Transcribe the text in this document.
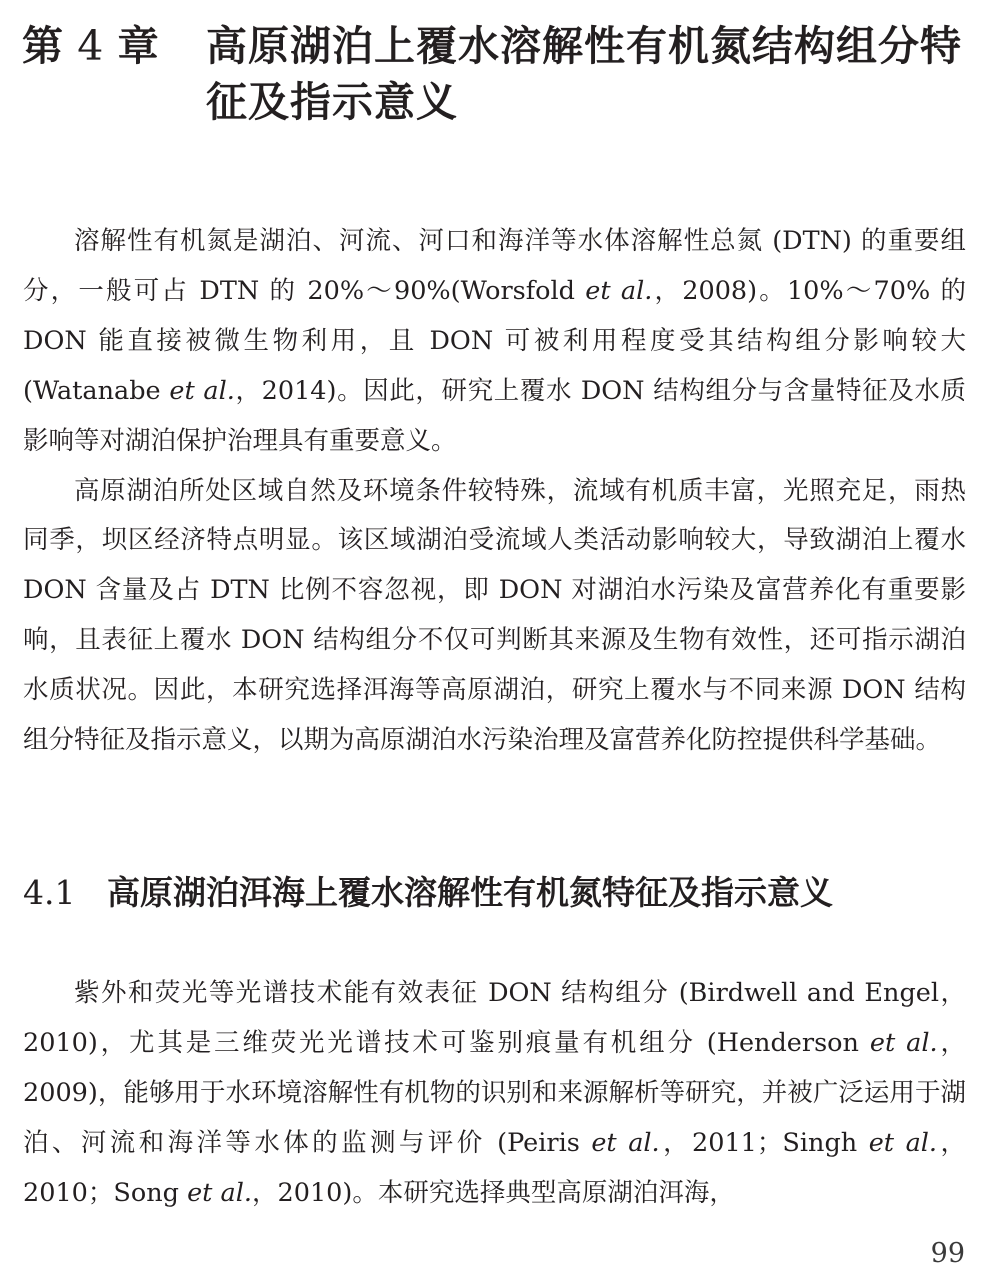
第 4 章	高原湖泊上覆水溶解性有机氮结构组分特征及指示意义

溶解性有机氮是湖泊、河流、河口和海洋等水体溶解性总氮 (DTN) 的重要组分，一般可占 DTN 的 20%～90%(Worsfold et al.，2008)。10%～70% 的 DON 能直接被微生物利用，且 DON 可被利用程度受其结构组分影响较大 (Watanabe et al.，2014)。因此，研究上覆水 DON 结构组分与含量特征及水质影响等对湖泊保护治理具有重要意义。

高原湖泊所处区域自然及环境条件较特殊，流域有机质丰富，光照充足，雨热同季，坝区经济特点明显。该区域湖泊受流域人类活动影响较大，导致湖泊上覆水 DON 含量及占 DTN 比例不容忽视，即 DON 对湖泊水污染及富营养化有重要影响，且表征上覆水 DON 结构组分不仅可判断其来源及生物有效性，还可指示湖泊水质状况。因此，本研究选择洱海等高原湖泊，研究上覆水与不同来源 DON 结构组分特征及指示意义，以期为高原湖泊水污染治理及富营养化防控提供科学基础。

4.1 高原湖泊洱海上覆水溶解性有机氮特征及指示意义

紫外和荧光等光谱技术能有效表征 DON 结构组分 (Birdwell and Engel， 2010)，尤其是三维荧光光谱技术可鉴别痕量有机组分 (Henderson et al.， 2009)，能够用于水环境溶解性有机物的识别和来源解析等研究，并被广泛运用于湖泊、河流和海洋等水体的监测与评价 (Peiris et al.，2011；Singh et al.，2010；Song et al.，2010)。本研究选择典型高原湖泊洱海，

99
